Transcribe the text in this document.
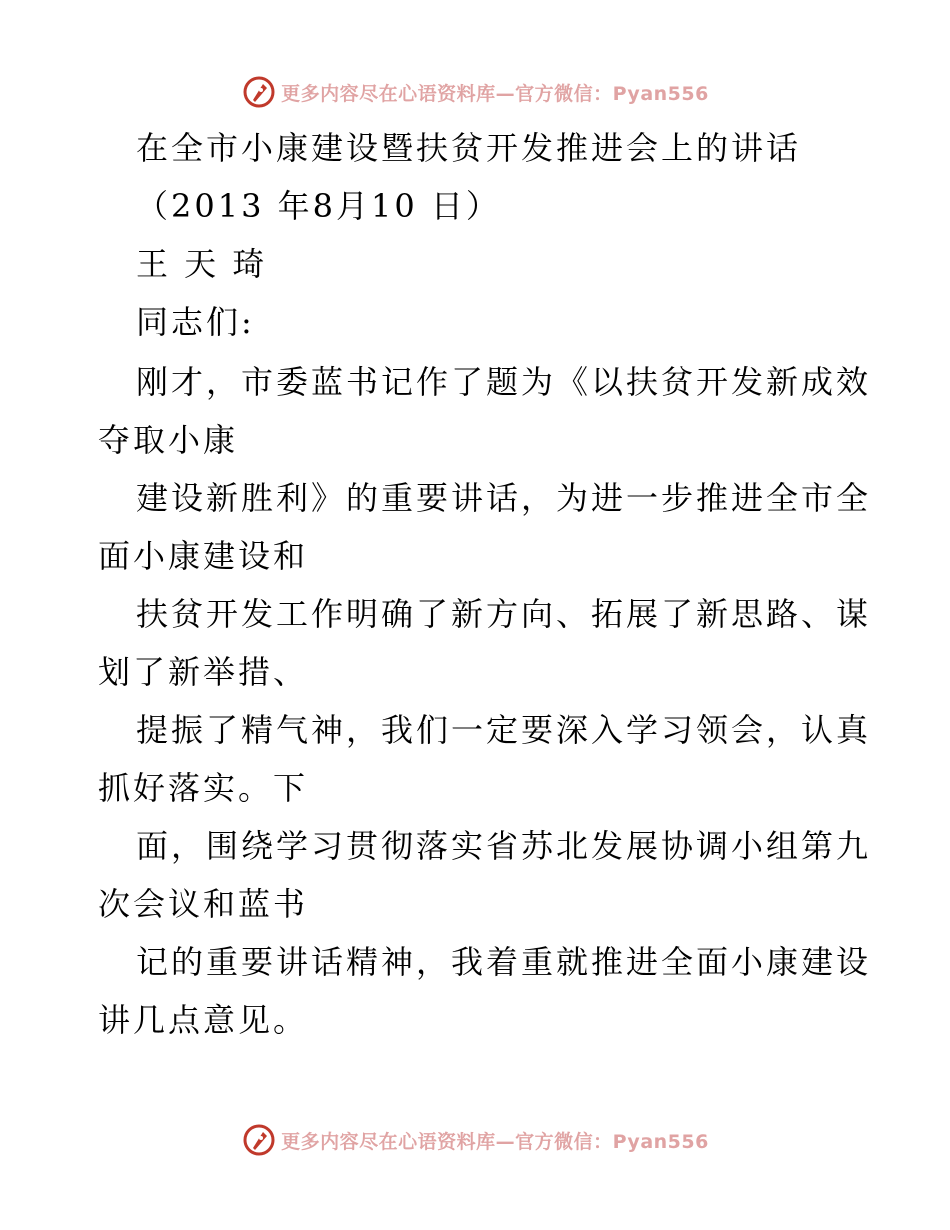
更多内容尽在心语资料库—官方微信：Pyan556
在全市小康建设暨扶贫开发推进会上的讲话
（2013 年8月10 日）
王 天 琦
同志们:
刚才，市委蓝书记作了题为《以扶贫开发新成效
夺取小康
建设新胜利》的重要讲话，为进一步推进全市全
面小康建设和
扶贫开发工作明确了新方向、拓展了新思路、谋
划了新举措、
提振了精气神，我们一定要深入学习领会，认真
抓好落实。下
面，围绕学习贯彻落实省苏北发展协调小组第九
次会议和蓝书
记的重要讲话精神，我着重就推进全面小康建设
讲几点意见。
更多内容尽在心语资料库—官方微信：Pyan556
